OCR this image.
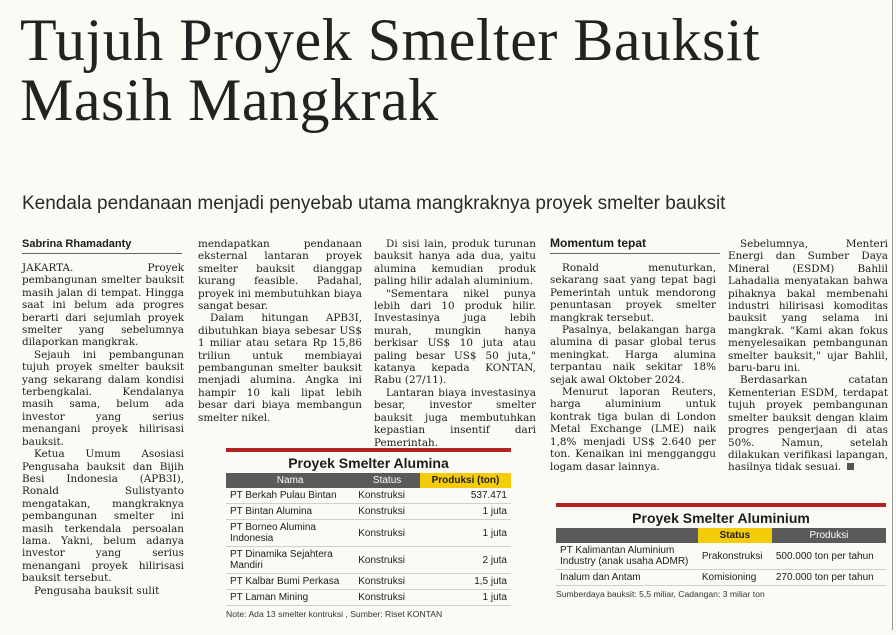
Tujuh Proyek Smelter Bauksit Masih Mangkrak

Kendala pendanaan menjadi penyebab utama mangkraknya proyek smelter bauksit

Sabrina Rhamadanty

JAKARTA. Proyek pembangunan smelter bauksit masih jalan di tempat. Hingga saat ini belum ada progres berarti dari sejumlah proyek smelter yang sebelumnya dilaporkan mangkrak.

Sejauh ini pembangunan tujuh proyek smelter bauksit yang sekarang dalam kondisi terbengkalai. Kendalanya masih sama, belum ada investor yang serius menangani proyek hilirisasi bauksit.

Ketua Umum Asosiasi Pengusaha bauksit dan Bijih Besi Indonesia (APB3I), Ronald Sulistyanto mengatakan, mangkraknya pembangunan smelter ini masih terkendala persoalan lama. Yakni, belum adanya investor yang serius menangani proyek hilirisasi bauksit tersebut.

Pengusaha bauksit sulit

mendapatkan pendanaan eksternal lantaran proyek smelter bauksit dianggap kurang feasible. Padahal, proyek ini membutuhkan biaya sangat besar.

Dalam hitungan APB3I, dibutuhkan biaya sebesar US$ 1 miliar atau setara Rp 15,86 triliun untuk membiayai pembangunan smelter bauksit menjadi alumina. Angka ini hampir 10 kali lipat lebih besar dari biaya membangun smelter nikel.

Di sisi lain, produk turunan bauksit hanya ada dua, yaitu alumina kemudian produk paling hilir adalah aluminium.

"Sementara nikel punya lebih dari 10 produk hilir. Investasinya juga lebih murah, mungkin hanya berkisar US$ 10 juta atau paling besar US$ 50 juta," katanya kepada KONTAN, Rabu (27/11).

Lantaran biaya investasinya besar, investor smelter bauksit juga membutuhkan kepastian insentif dari Pemerintah.

Momentum tepat

Ronald menuturkan, sekarang saat yang tepat bagi Pemerintah untuk mendorong penuntasan proyek smelter mangkrak tersebut.

Pasalnya, belakangan harga alumina di pasar global terus meningkat. Harga alumina terpantau naik sekitar 18% sejak awal Oktober 2024.

Menurut laporan Reuters, harga aluminium untuk kontrak tiga bulan di London Metal Exchange (LME) naik 1,8% menjadi US$ 2.640 per ton. Kenaikan ini mengganggu logam dasar lainnya.

Sebelumnya, Menteri Energi dan Sumber Daya Mineral (ESDM) Bahlil Lahadalia menyatakan bahwa pihaknya bakal membenahi industri hilirisasi komoditas bauksit yang selama ini mangkrak. "Kami akan fokus menyelesaikan pembangunan smelter bauksit," ujar Bahlil, baru-baru ini.

Berdasarkan catatan Kementerian ESDM, terdapat tujuh proyek pembangunan smelter bauksit dengan klaim progres pengerjaan di atas 50%. Namun, setelah dilakukan verifikasi lapangan, hasilnya tidak sesuai.

Proyek Smelter Alumina
Nama	Status	Produksi (ton)
PT Berkah Pulau Bintan	Konstruksi	537.471
PT Bintan Alumina	Konstruksi	1 juta
PT Borneo Alumina Indonesia	Konstruksi	1 juta
PT Dinamika Sejahtera Mandiri	Konstruksi	2 juta
PT Kalbar Bumi Perkasa	Konstruksi	1,5 juta
PT Laman Mining	Konstruksi	1 juta
Note: Ada 13 smelter kontruksi , Sumber: Riset KONTAN
Proyek Smelter Aluminium
	Status	Produksi
PT Kalimantan Aluminium Industry (anak usaha ADMR)	Prakonstruksi	500.000 ton per tahun
Inalum dan Antam	Komisioning	270.000 ton per tahun
Sumberdaya bauksit: 5,5 miliar, Cadangan: 3 miliar ton
